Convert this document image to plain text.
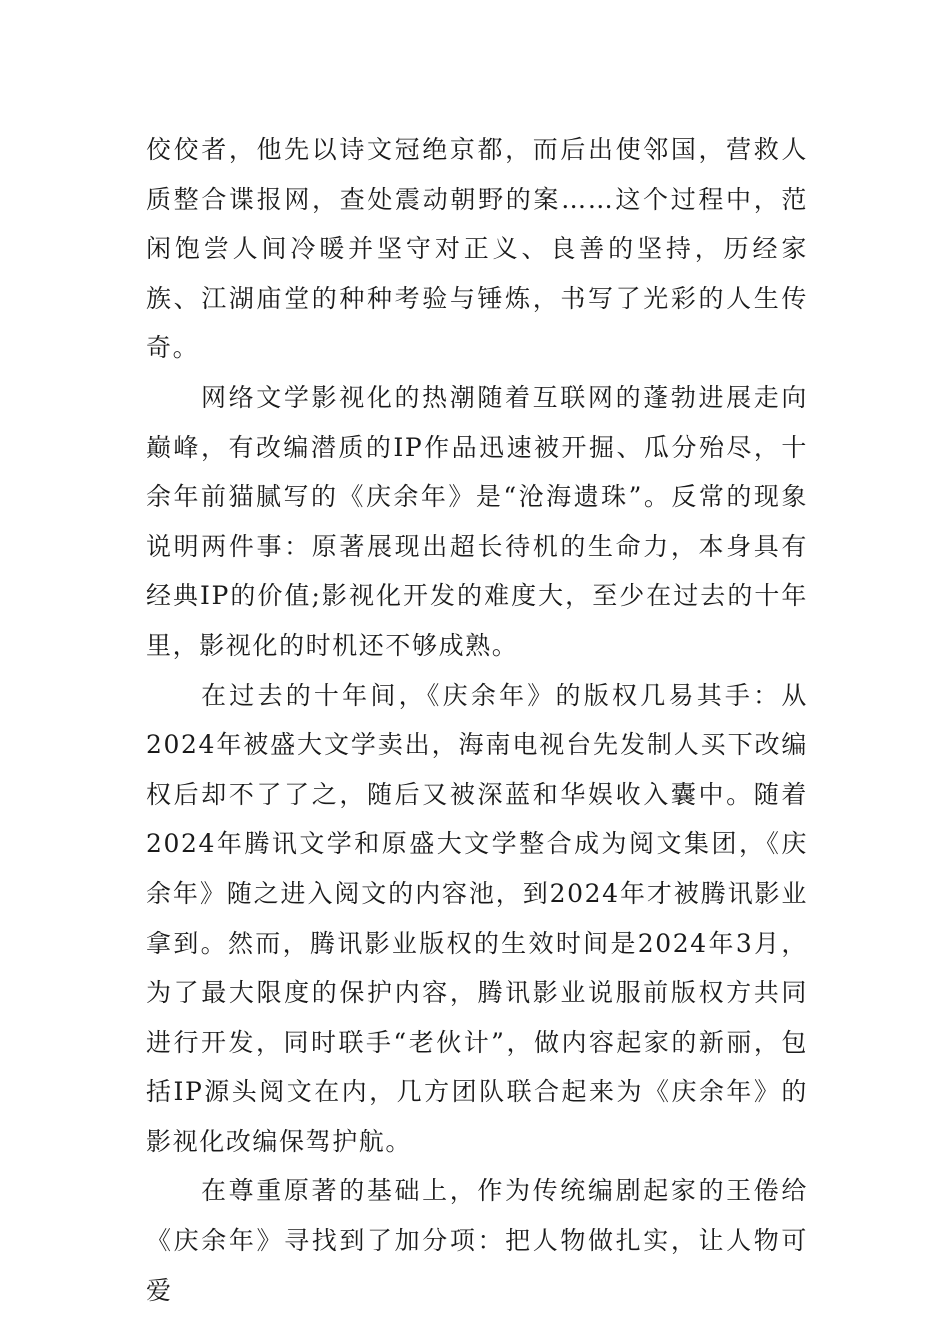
佼佼者，他先以诗文冠绝京都，而后出使邻国，营救人质整合谍报网，查处震动朝野的案……这个过程中，范闲饱尝人间冷暖并坚守对正义、良善的坚持，历经家族、江湖庙堂的种种考验与锤炼，书写了光彩的人生传奇。

网络文学影视化的热潮随着互联网的蓬勃进展走向巅峰，有改编潜质的IP作品迅速被开掘、瓜分殆尽，十余年前猫腻写的《庆余年》是“沧海遗珠”。反常的现象说明两件事：原著展现出超长待机的生命力，本身具有经典IP的价值;影视化开发的难度大，至少在过去的十年里，影视化的时机还不够成熟。

在过去的十年间，《庆余年》的版权几易其手：从2024年被盛大文学卖出，海南电视台先发制人买下改编权后却不了了之，随后又被深蓝和华娱收入囊中。随着2024年腾讯文学和原盛大文学整合成为阅文集团，《庆余年》随之进入阅文的内容池，到2024年才被腾讯影业拿到。然而，腾讯影业版权的生效时间是2024年3月，为了最大限度的保护内容，腾讯影业说服前版权方共同进行开发，同时联手“老伙计”，做内容起家的新丽，包括IP源头阅文在内，几方团队联合起来为《庆余年》的影视化改编保驾护航。

在尊重原著的基础上，作为传统编剧起家的王倦给《庆余年》寻找到了加分项：把人物做扎实，让人物可爱
